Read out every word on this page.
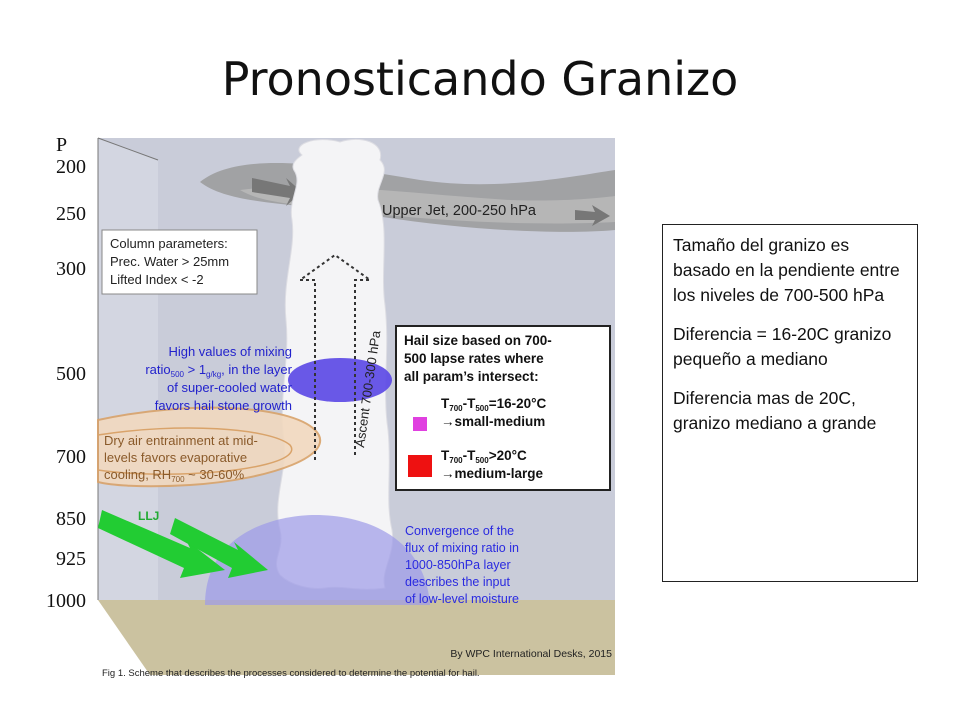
Pronosticando Granizo
P
200
250
300
500
700
850
925
1000
Ascent 700-300 hPa
LLJ
Upper Jet, 200-250 hPa
Column parameters:
Prec. Water > 25mm
Lifted Index < -2
High values of mixing
ratio$_{500}$ > $1_{g/kg}$, in the layer
of super-cooled water
favors hail stone growth
Dry air entrainment at mid-
levels favors evaporative
cooling, $RH_{700}$ ~ 30-60%
Convergence of the
flux of mixing ratio in
1000-850hPa layer
describes the input
of low-level moisture
Hail size based on 700-
500 lapse rates where
all param’s intersect:
$T_{700}-T_{500}=16-20^\circ C$
→small-medium
$T_{700}-T_{500}>20^\circ C$
→medium-large
By WPC International Desks, 2015
Fig 1. Scheme that describes the processes considered to determine the potential for hail.

Tamaño del granizo es basado en la pendiente entre los niveles de 700-500 hPa

Diferencia = 16-20C granizo pequeño a mediano

Diferencia mas de 20C, granizo mediano a grande
